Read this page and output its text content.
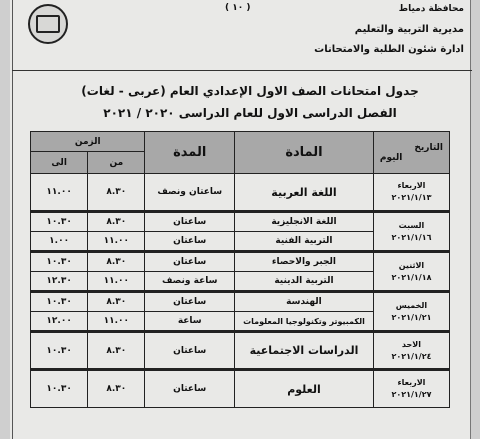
( ١٠ )	محافظة دمياط
مديرية التربية والتعليم
ادارة شئون الطلبة والامتحانات
جدول امتحانات الصف الاول الإعدادي العام (عربى - لغات)
الفصل الدراسى الاول للعام الدراسى ٢٠٢٠ / ٢٠٢١
التاريخ
اليوم	المادة	المدة	الزمن	
			من	الى

الاربعاء
٢٠٢١/١/١٣	اللغة العربية	ساعتان ونصف	٨.٣٠	١١.٠٠

السبت
٢٠٢١/١/١٦	اللغة الانجليزية	ساعتان	٨.٣٠	١٠.٣٠
	التربية الفنية	ساعتان	١١.٠٠	١.٠٠

الاثنين
٢٠٢١/١/١٨	الجبر والاحصاء	ساعتان	٨.٣٠	١٠.٣٠
	التربية الدينية	ساعة ونصف	١١.٠٠	١٢.٣٠

الخميس
٢٠٢١/١/٢١	الهندسة	ساعتان	٨.٣٠	١٠.٣٠
	الكمبيوتر وتكنولوجيا المعلومات	ساعة	١١.٠٠	١٢.٠٠

الاحد
٢٠٢١/١/٢٤	الدراسات الاجتماعية	ساعتان	٨.٣٠	١٠.٣٠

الاربعاء
٢٠٢١/١/٢٧	العلوم	ساعتان	٨.٣٠	١٠.٣٠
